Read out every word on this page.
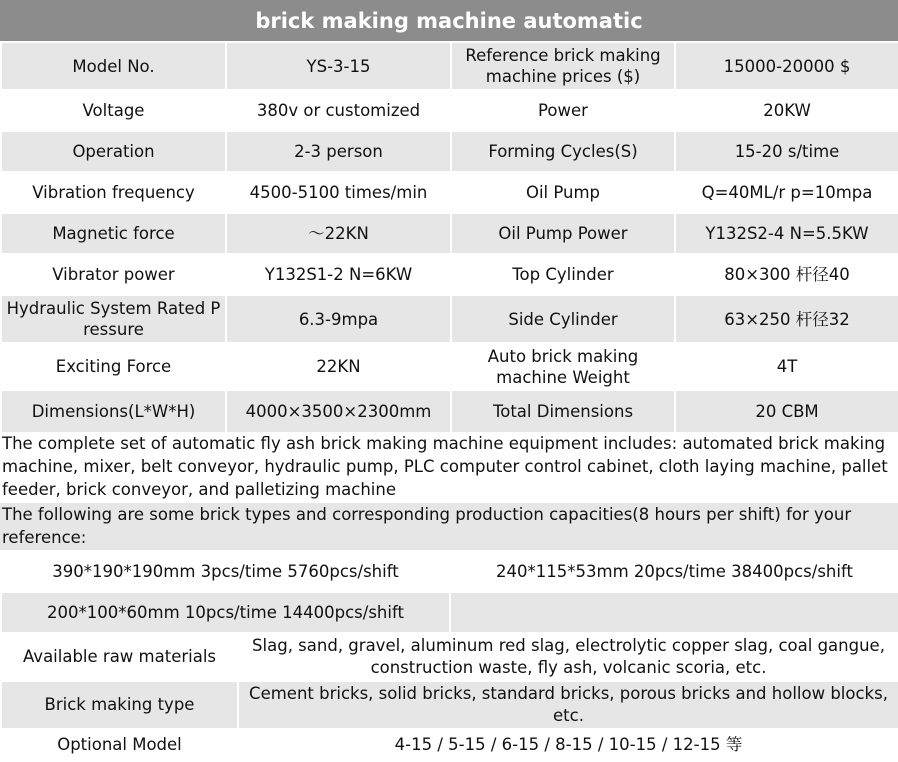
brick making machine automatic
Model No.	YS-3-15	Reference brick making machine prices ($)	15000-20000 $
Voltage	380v or customized	Power	20KW
Operation	2-3 person	Forming Cycles(S)	15-20 s/time
Vibration frequency	4500-5100 times/min	Oil Pump	Q=40ML/r p=10mpa
Magnetic force	～22KN	Oil Pump Power	Y132S2-4 N=5.5KW
Vibrator power	Y132S1-2 N=6KW	Top Cylinder	80×300 杆径40
Hydraulic System Rated Pressure	6.3-9mpa	Side Cylinder	63×250 杆径32
Exciting Force	22KN	Auto brick making machine Weight	4T
Dimensions(L*W*H)	4000×3500×2300mm	Total Dimensions	20 CBM
The complete set of automatic fly ash brick making machine equipment includes: automated brick making machine, mixer, belt conveyor, hydraulic pump, PLC computer control cabinet, cloth laying machine, pallet feeder, brick conveyor, and palletizing machine
The following are some brick types and corresponding production capacities(8 hours per shift) for your reference:
390*190*190mm 3pcs/time 5760pcs/shift		240*115*53mm 20pcs/time 38400pcs/shift
200*100*60mm 10pcs/time 14400pcs/shift		
Available raw materials	Slag, sand, gravel, aluminum red slag, electrolytic copper slag, coal gangue, construction waste, fly ash, volcanic scoria, etc.	
Brick making type	Cement bricks, solid bricks, standard bricks, porous bricks and hollow blocks, etc.	
Optional Model	4-15 / 5-15 / 6-15 / 8-15 / 10-15 / 12-15 等	
